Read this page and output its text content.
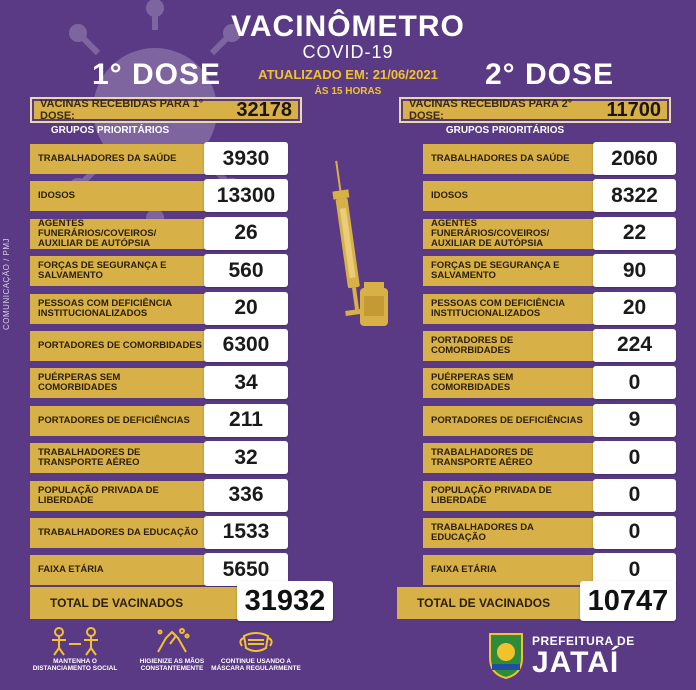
COMUNICAÇÃO / PMJ
VACINÔMETRO
COVID-19
ATUALIZADO EM: 21/06/2021
ÀS 15 HORAS
1° DOSE	2° DOSE
VACINAS RECEBIDAS PARA 1° DOSE:	32178	VACINAS RECEBIDAS PARA 2° DOSE:	11700
GRUPOS PRIORITÁRIOS	GRUPOS PRIORITÁRIOS
TRABALHADORES DA SAÚDE	3930
IDOSOS	13300
AGENTES FUNERÁRIOS/COVEIROS/ AUXILIAR DE AUTÓPSIA	26
FORÇAS DE SEGURANÇA E SALVAMENTO	560
PESSOAS COM DEFICIÊNCIA INSTITUCIONALIZADOS	20
PORTADORES DE COMORBIDADES 6300
PUÉRPERAS SEM COMORBIDADES	34
PORTADORES DE DEFICIÊNCIAS	211
TRABALHADORES DE TRANSPORTE AÉREO	32
POPULAÇÃO PRIVADA DE LIBERDADE	336
TRABALHADORES DA EDUCAÇÃO	1533
FAIXA ETÁRIA	5650
TRABALHADORES DA SAÚDE	2060
IDOSOS	8322
AGENTES FUNERÁRIOS/COVEIROS/ AUXILIAR DE AUTÓPSIA	22
FORÇAS DE SEGURANÇA E SALVAMENTO	90
PESSOAS COM DEFICIÊNCIA INSTITUCIONALIZADOS	20
PORTADORES DE COMORBIDADES	224
PUÉRPERAS SEM COMORBIDADES	0
PORTADORES DE DEFICIÊNCIAS	9
TRABALHADORES DE TRANSPORTE AÉREO	0
POPULAÇÃO PRIVADA DE LIBERDADE	0
TRABALHADORES DA EDUCAÇÃO	0
FAIXA ETÁRIA	0
TOTAL DE VACINADOS	31932	TOTAL DE VACINADOS	10747
MANTENHA O DISTANCIAMENTO SOCIAL
HIGIENIZE AS MÃOS CONSTANTEMENTE
CONTINUE USANDO A MÁSCARA REGULARMENTE
PREFEITURA DE
JATAÍ
